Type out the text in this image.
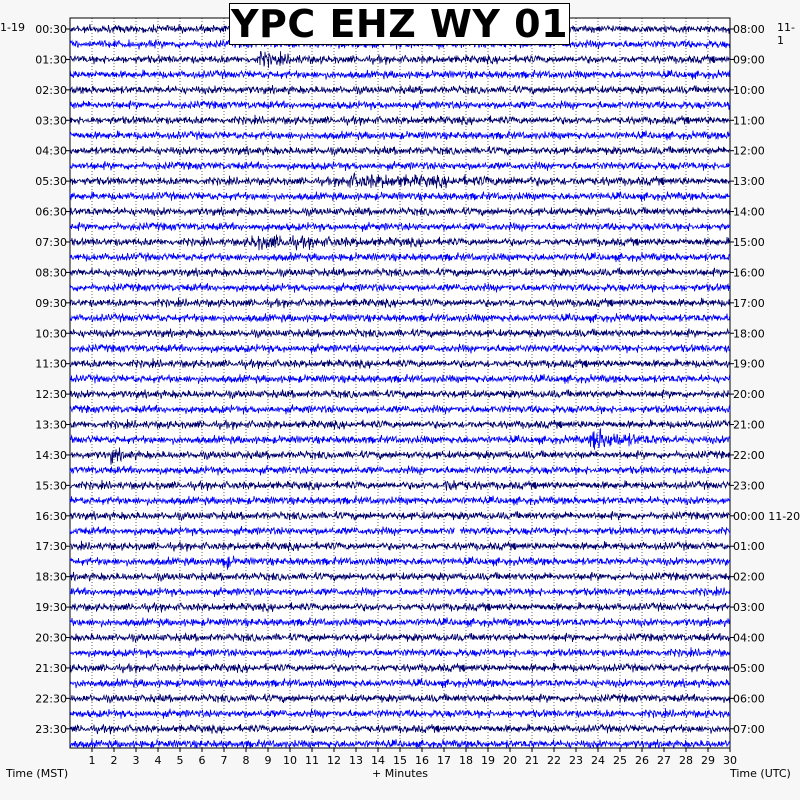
00:30
01:30
02:30
03:30
04:30
05:30
06:30
07:30
08:30
09:30
10:30
11:30
12:30
13:30
14:30
15:30
16:30
17:30
18:30
19:30
20:30
21:30
22:30
23:30
08:00
09:00
10:00
11:00
12:00
13:00
14:00
15:00
16:00
17:00
18:00
19:00
20:00
21:00
22:00
23:00
00:00 11-20
01:00
02:00
03:00
04:00
05:00
06:00
07:00
1 2 3 4 5 6 7 8 9 10 11 12 13 14 15 16 17 18 19 20 21 22 23 24 25 26 27 28 29 30
YPC EHZ WY 01
1-19	11-1
Time (MST)	+ Minutes	Time (UTC)
